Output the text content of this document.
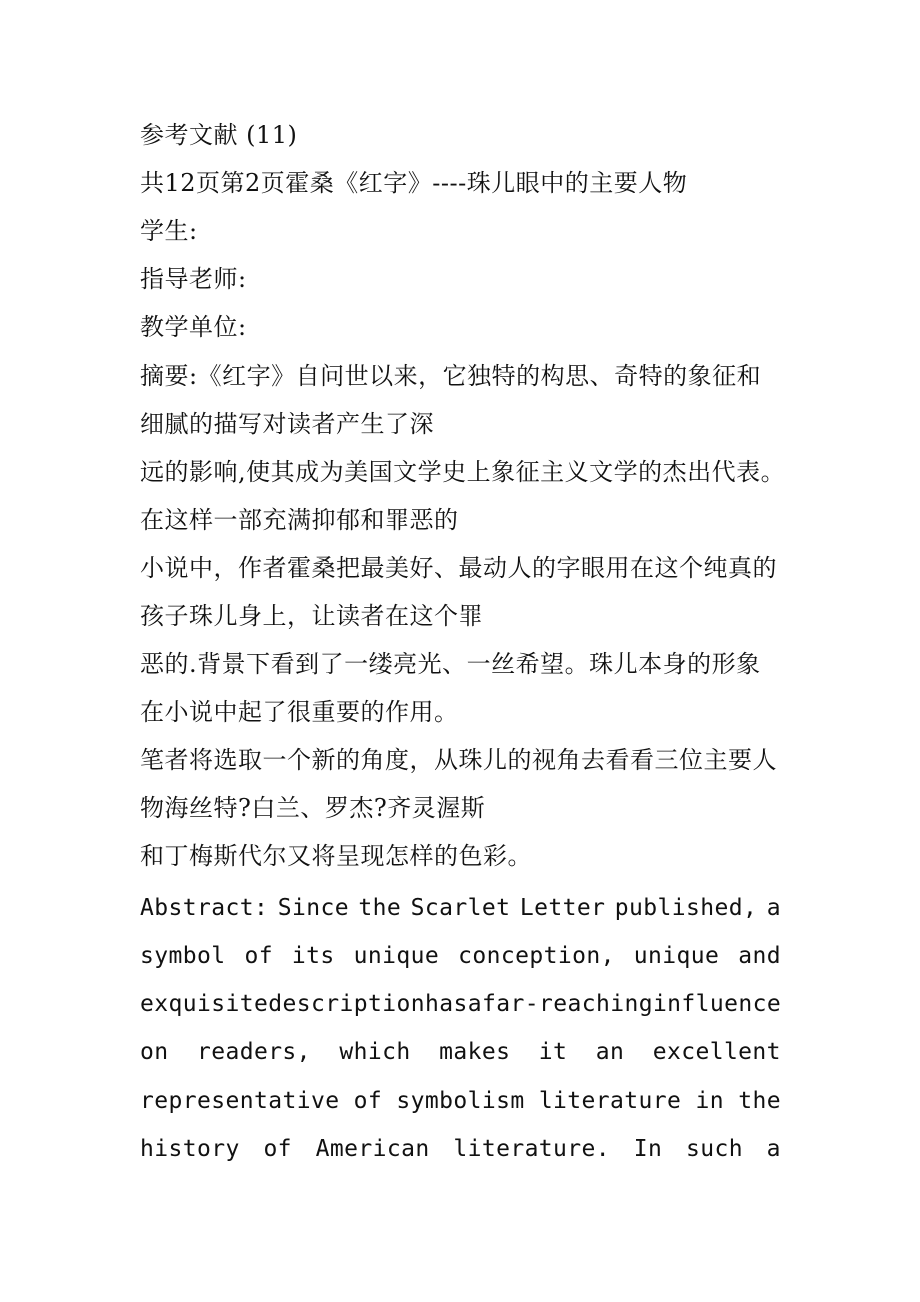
参考文献 (11)
共12页第2页霍桑《红字》----珠儿眼中的主要人物
学生:
指导老师:
教学单位:
摘要:《红字》自问世以来，它独特的构思、奇特的象征和
细腻的描写对读者产生了深
远的影响,使其成为美国文学史上象征主义文学的杰出代表。
在这样一部充满抑郁和罪恶的
小说中，作者霍桑把最美好、最动人的字眼用在这个纯真的
孩子珠儿身上，让读者在这个罪
恶的.背景下看到了一缕亮光、一丝希望。珠儿本身的形象
在小说中起了很重要的作用。
笔者将选取一个新的角度，从珠儿的视角去看看三位主要人
物海丝特?白兰、罗杰?齐灵渥斯
和丁梅斯代尔又将呈现怎样的色彩。
Abstract: Since the Scarlet Letter published, a
symbol of its unique conception, unique and
exquisite description has a far-reaching influence
on readers, which makes it an excellent
representative of symbolism literature in the
history of American literature. In such a
